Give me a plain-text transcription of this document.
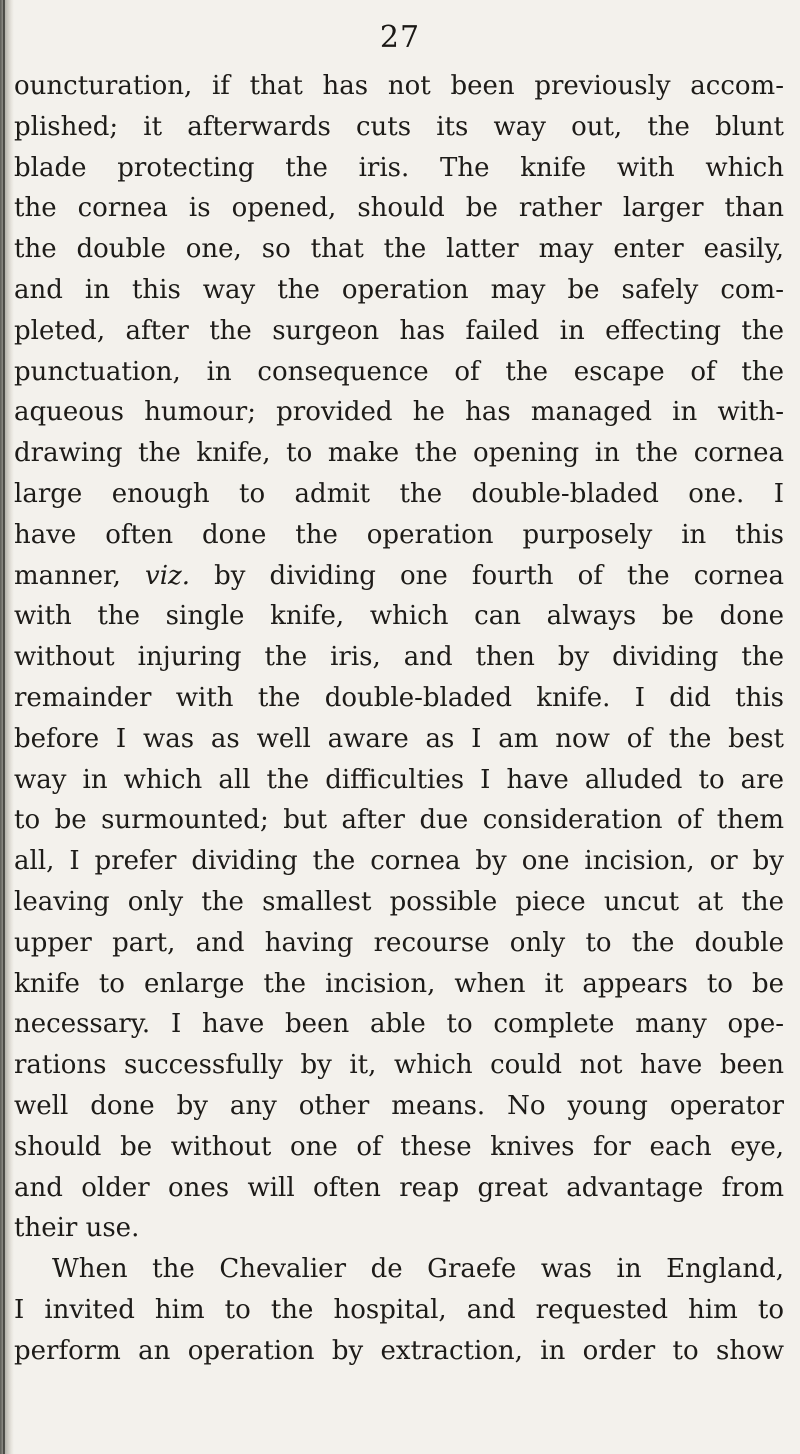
27
ouncturation, if that has not been previously accom-
plished; it afterwards cuts its way out, the blunt
blade protecting the iris. The knife with which
the cornea is opened, should be rather larger than
the double one, so that the latter may enter easily,
and in this way the operation may be safely com-
pleted, after the surgeon has failed in effecting the
punctuation, in consequence of the escape of the
aqueous humour; provided he has managed in with-
drawing the knife, to make the opening in the cornea
large enough to admit the double-bladed one. I
have often done the operation purposely in this
manner, viz. by dividing one fourth of the cornea
with the single knife, which can always be done
without injuring the iris, and then by dividing the
remainder with the double-bladed knife. I did this
before I was as well aware as I am now of the best
way in which all the difficulties I have alluded to are
to be surmounted; but after due consideration of them
all, I prefer dividing the cornea by one incision, or by
leaving only the smallest possible piece uncut at the
upper part, and having recourse only to the double
knife to enlarge the incision, when it appears to be
necessary. I have been able to complete many ope-
rations successfully by it, which could not have been
well done by any other means. No young operator
should be without one of these knives for each eye,
and older ones will often reap great advantage from
their use.
When the Chevalier de Graefe was in England,
I invited him to the hospital, and requested him to
perform an operation by extraction, in order to show
